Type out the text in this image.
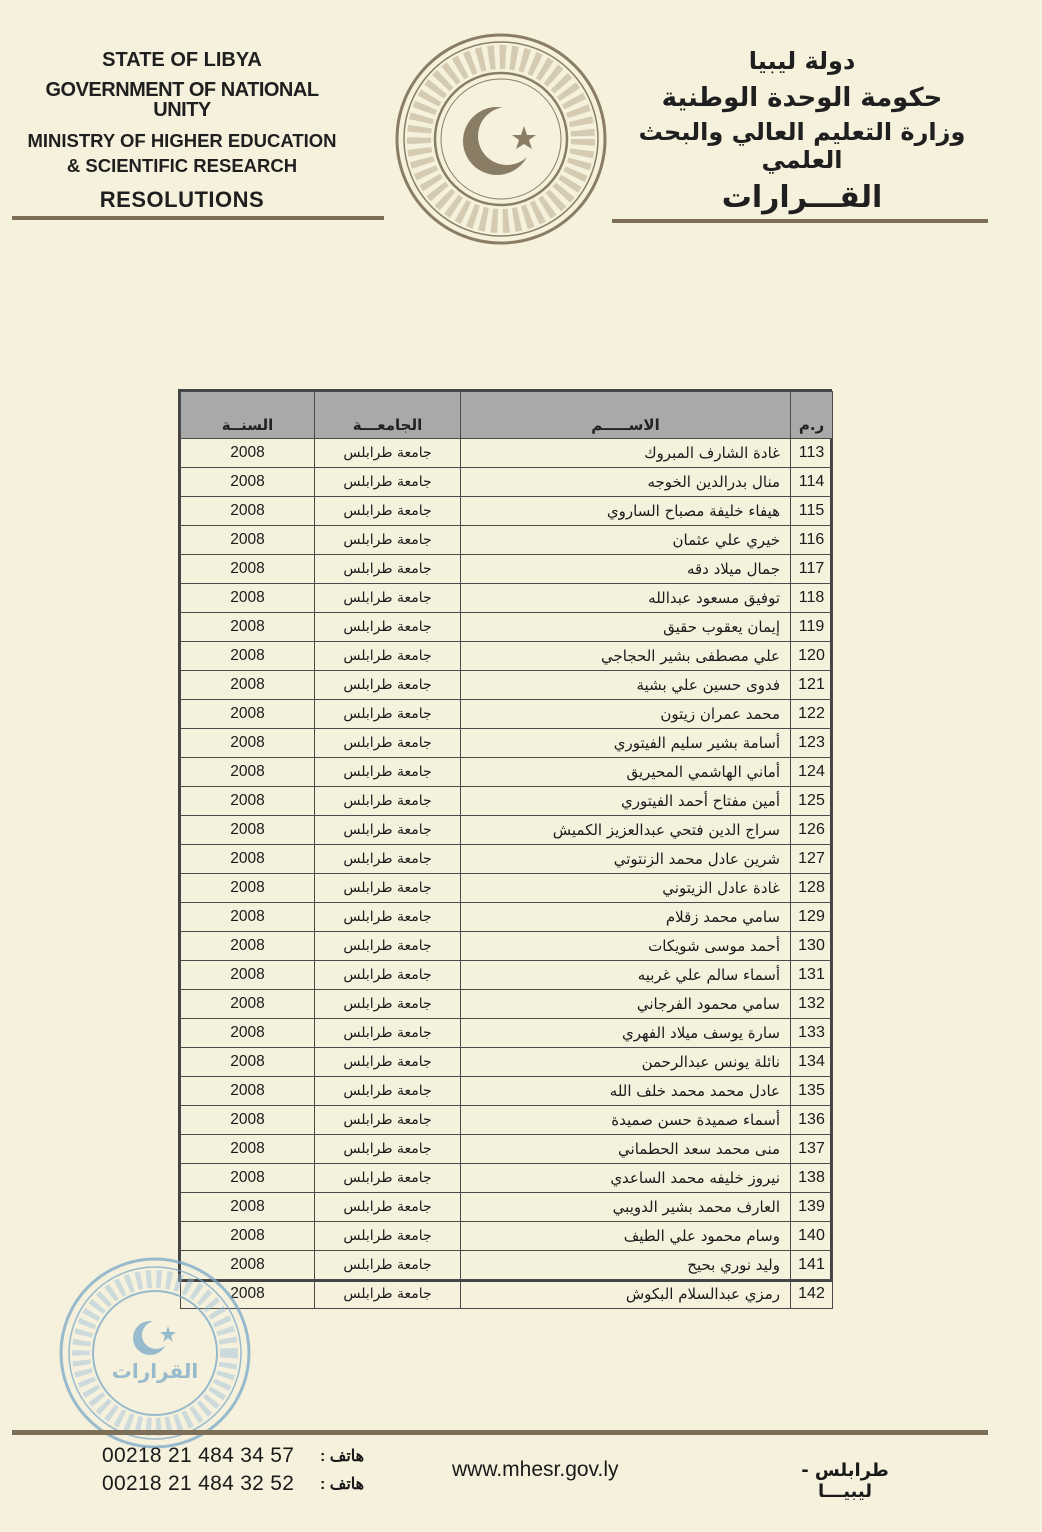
STATE OF LIBYA
GOVERNMENT OF NATIONAL UNITY
MINISTRY OF HIGHER EDUCATION
& SCIENTIFIC RESEARCH
RESOLUTIONS
دولة ليبيا
حكومة الوحدة الوطنية
وزارة التعليم العالي والبحث العلمي
القـــرارات
ر.م	الاســـــم	الجامعـــة	السنــة
113	غادة الشارف المبروك	جامعة طرابلس	2008
114	منال بدرالدين الخوجه	جامعة طرابلس	2008
115	هيفاء خليفة مصباح الساروي	جامعة طرابلس	2008
116	خيري علي عثمان	جامعة طرابلس	2008
117	جمال ميلاد دقه	جامعة طرابلس	2008
118	توفيق مسعود عبدالله	جامعة طرابلس	2008
119	إيمان يعقوب حقيق	جامعة طرابلس	2008
120	علي مصطفى بشير الحجاجي	جامعة طرابلس	2008
121	فدوى حسين علي بشية	جامعة طرابلس	2008
122	محمد عمران زيتون	جامعة طرابلس	2008
123	أسامة بشير سليم الفيتوري	جامعة طرابلس	2008
124	أماني الهاشمي المحيريق	جامعة طرابلس	2008
125	أمين مفتاح أحمد الفيتوري	جامعة طرابلس	2008
126	سراج الدين فتحي عبدالعزيز الكميش	جامعة طرابلس	2008
127	شرين عادل محمد الزنتوتي	جامعة طرابلس	2008
128	غادة عادل الزيتوني	جامعة طرابلس	2008
129	سامي محمد زقلام	جامعة طرابلس	2008
130	أحمد موسى شويكات	جامعة طرابلس	2008
131	أسماء سالم علي غربيه	جامعة طرابلس	2008
132	سامي محمود الفرجاني	جامعة طرابلس	2008
133	سارة يوسف ميلاد الفهري	جامعة طرابلس	2008
134	نائلة يونس عبدالرحمن	جامعة طرابلس	2008
135	عادل محمد محمد خلف الله	جامعة طرابلس	2008
136	أسماء صميدة حسن صميدة	جامعة طرابلس	2008
137	منى محمد سعد الحطماني	جامعة طرابلس	2008
138	نيروز خليفه محمد الساعدي	جامعة طرابلس	2008
139	العارف محمد بشير الدويبي	جامعة طرابلس	2008
140	وسام محمود علي الطيف	جامعة طرابلس	2008
141	وليد نوري بحيح	جامعة طرابلس	2008
142	رمزي عبدالسلام البكوش	جامعة طرابلس	2008
القرارات
00218 21 484 34 57	هاتف :
00218 21 484 32 52	هاتف :
www.mhesr.gov.ly	طرابلس - ليبيـــا
